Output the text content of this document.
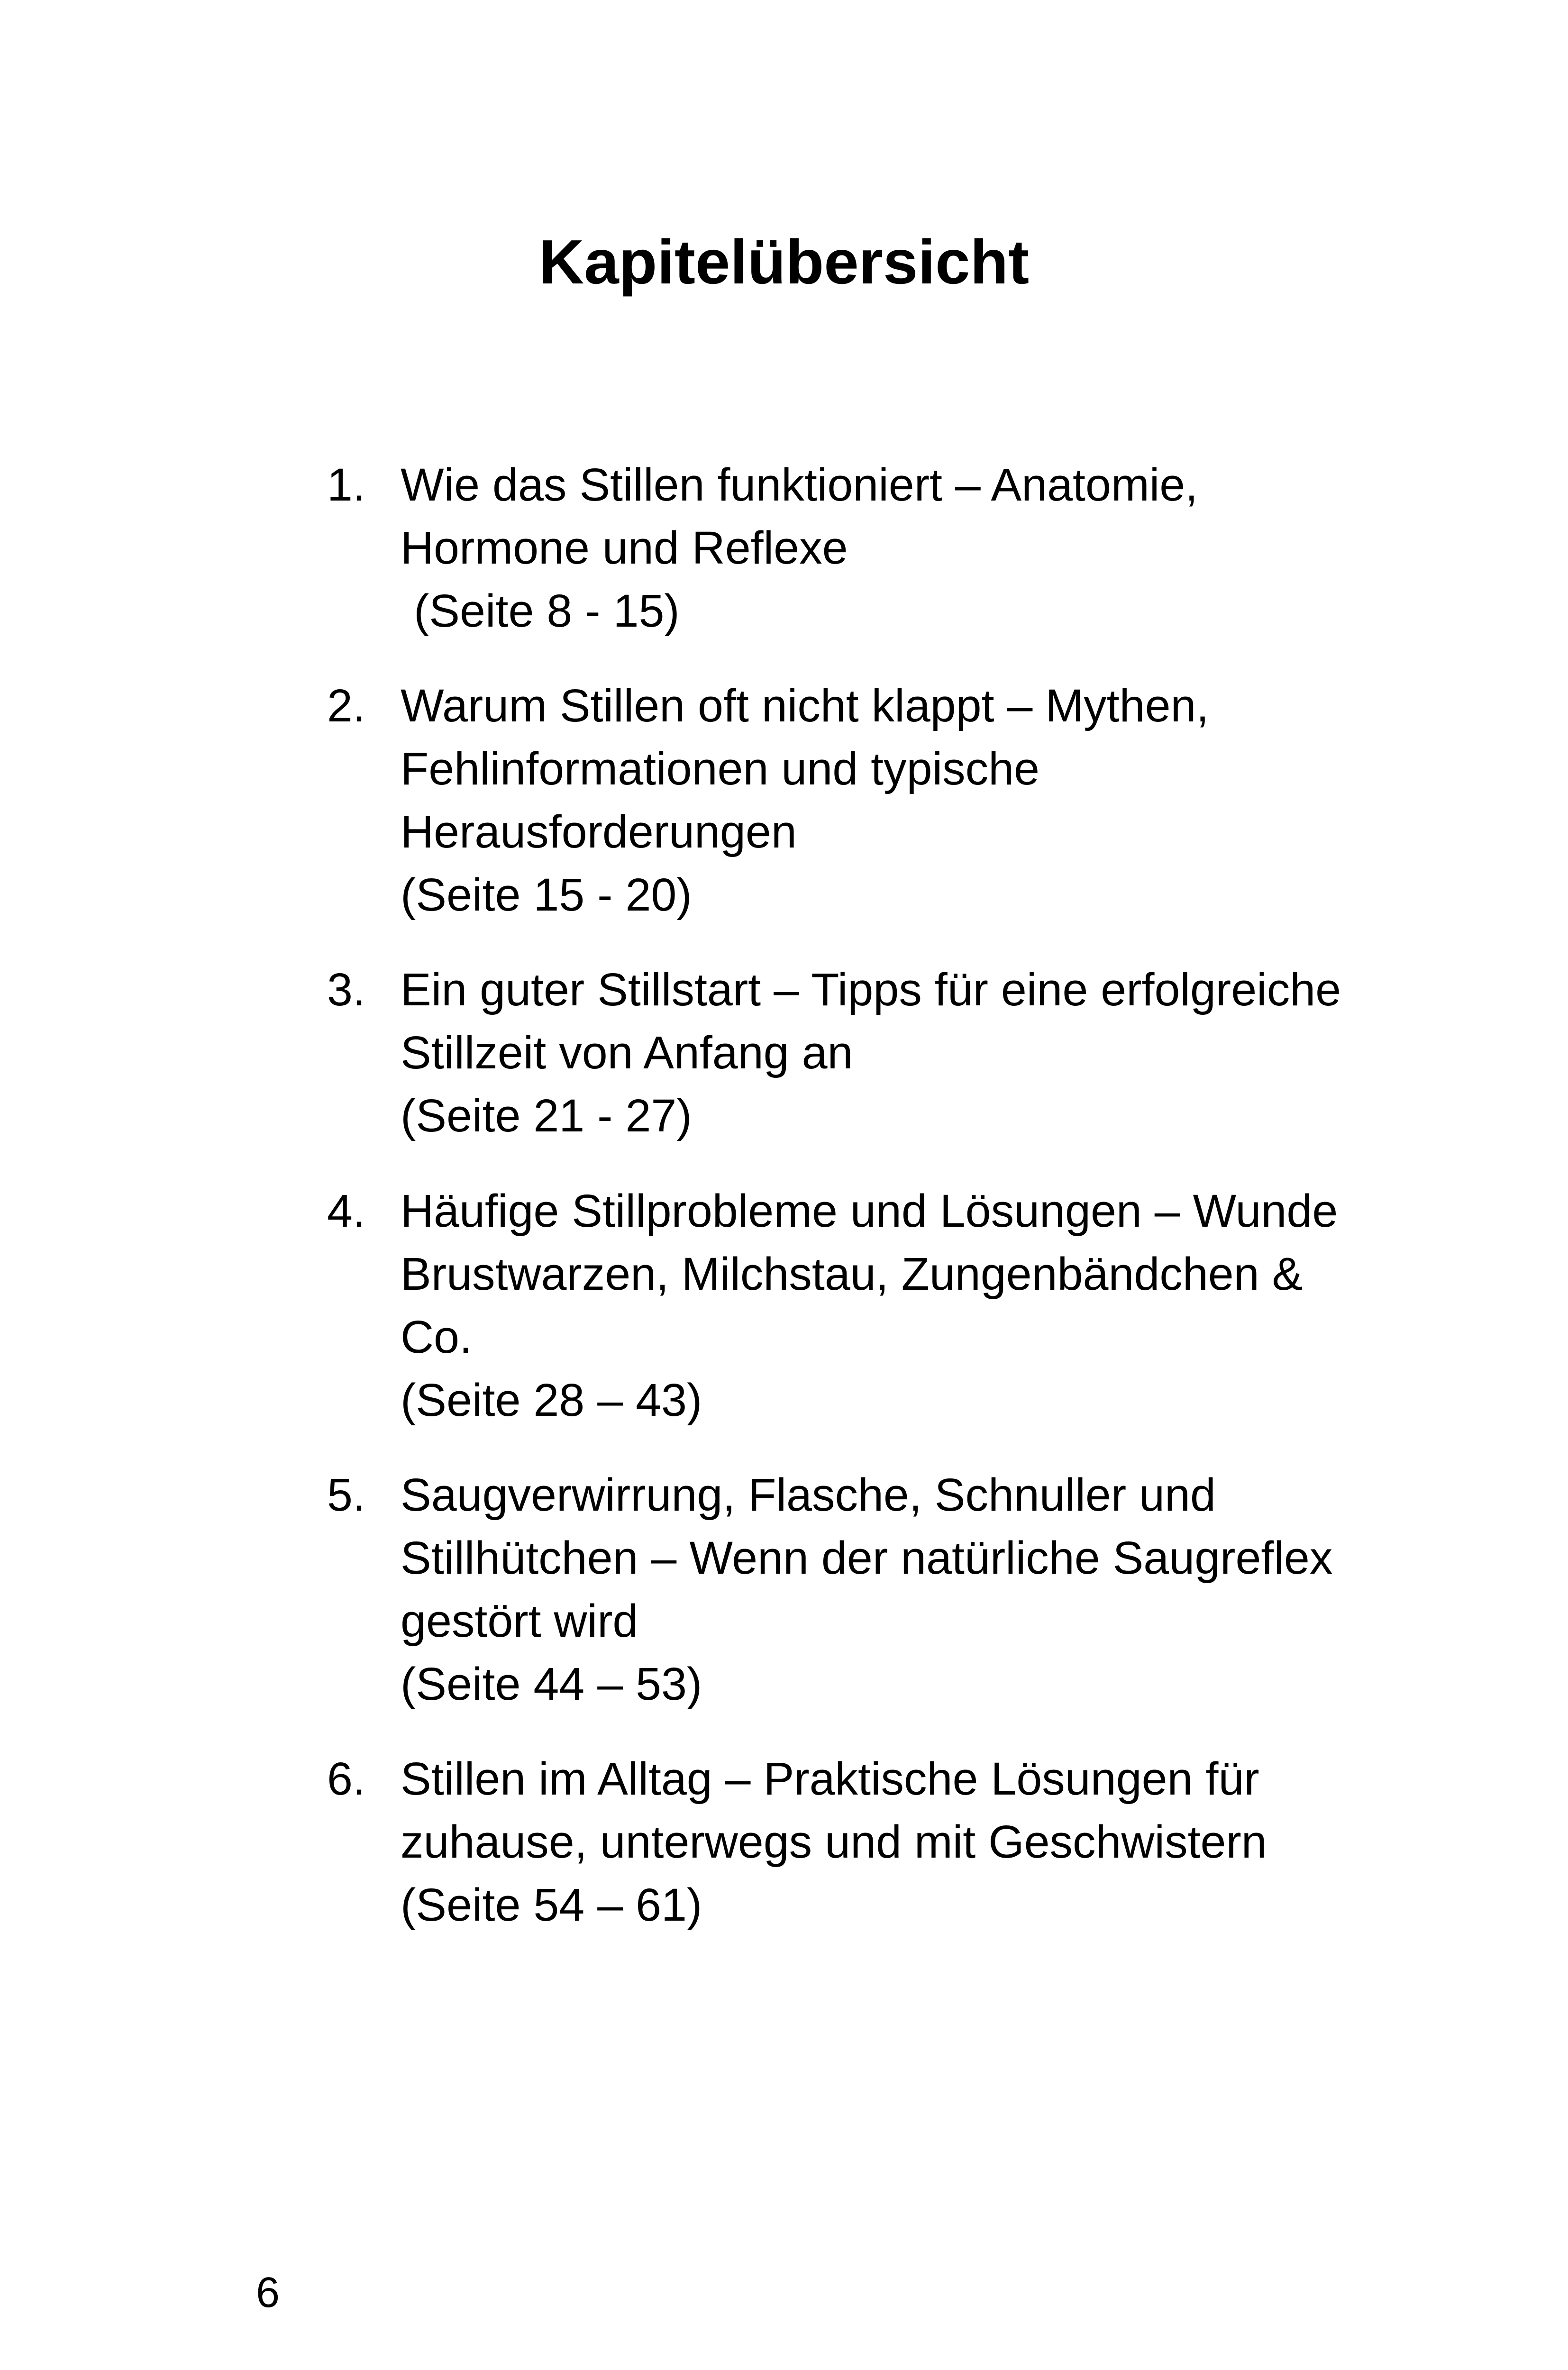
Kapitelübersicht
1. Wie das Stillen funktioniert – Anatomie,
Hormone und Reflexe
(Seite 8 - 15)
2. Warum Stillen oft nicht klappt – Mythen,
Fehlinformationen und typische
Herausforderungen
(Seite 15 - 20)
3. Ein guter Stillstart – Tipps für eine erfolgreiche
Stillzeit von Anfang an
(Seite 21 - 27)
4. Häufige Stillprobleme und Lösungen – Wunde
Brustwarzen, Milchstau, Zungenbändchen &
Co.
(Seite 28 – 43)
5. Saugverwirrung, Flasche, Schnuller und
Stillhütchen – Wenn der natürliche Saugreflex
gestört wird
(Seite 44 – 53)
6. Stillen im Alltag – Praktische Lösungen für
zuhause, unterwegs und mit Geschwistern
(Seite 54 – 61)
6
